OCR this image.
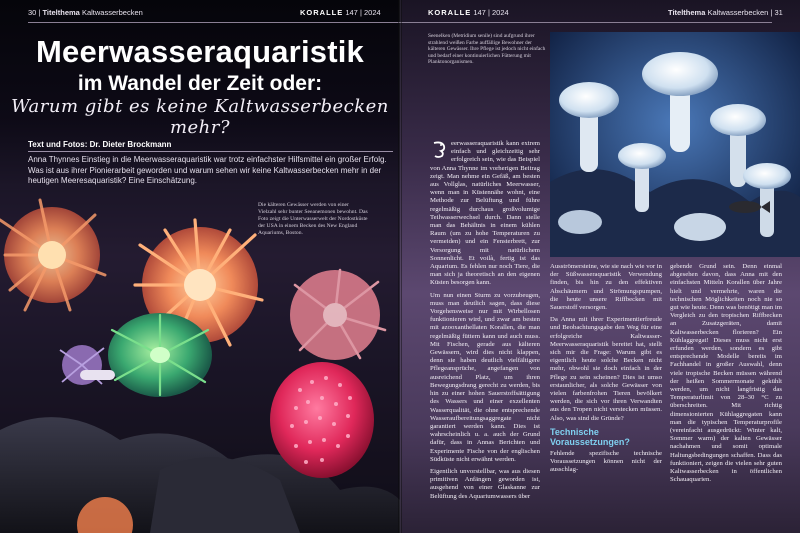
30 | Titelthema Kaltwasserbecken	KORALLE 147 | 2024
Meerwasseraquaristik
im Wandel der Zeit oder:
Warum gibt es keine Kaltwasserbecken mehr?
Text und Fotos: Dr. Dieter Brockmann
Anna Thynnes Einstieg in die Meerwasseraquaristik war trotz einfachster Hilfsmittel ein großer Erfolg. Was ist aus ihrer Pionierarbeit geworden und warum sehen wir keine Kaltwasserbecken mehr in der heutigen Meeresaquaristik? Eine Einschätzung.
Die kälteren Gewässer werden von einer Vielzahl sehr bunter Seeanemonen bewohnt. Das Foto zeigt die Unterwasserwelt der Nordostküste der USA in einem Becken des New England Aquariums, Boston.
KORALLE 147 | 2024	Titelthema Kaltwasserbecken | 31
Seenelken (Metridium senile) sind aufgrund ihrer strahlend weißen Farbe auffällige Bewohner der kälteren Gewässer. Ihre Pflege ist jedoch nicht einfach und bedarf einer kontinuierlichen Fütterung mit Planktonorganismen.

eerwasseraquaristik kann extrem einfach und gleichzeitig sehr erfolgreich sein, wie das Beispiel von Anna Thynne im vorherigen Beitrag zeigt. Man nehme ein Gefäß, am besten aus Vollglas, natürliches Meerwasser, wenn man in Küstennähe wohnt, eine Methode zur Belüftung und führe regelmäßig durchaus großvolumige Teilwasserwechsel durch. Dann stelle man das Behältnis in einem kühlen Raum (um zu hohe Temperaturen zu vermeiden) und ein Fensterbrett, zur Versorgung mit natürlichem Sonnenlicht. Et voilà, fertig ist das Aquarium. Es fehlen nur noch Tiere, die man sich ja theoretisch an den eigenen Küsten besorgen kann.

Um nun einen Sturm zu vorzubeugen, muss man deutlich sagen, dass diese Vorgehensweise nur mit Wirbellosen funktionieren wird, und zwar am besten mit azooxanthellaten Korallen, die man regelmäßig füttern kann und auch muss. Mit Fischen, gerade aus kälteren Gewässern, wird dies nicht klappen, denn sie haben deutlich vielfältigere Pflegeansprüche, angefangen von ausreichend Platz, um ihren Bewegungsdrang gerecht zu werden, bis hin zu einer hohen Sauerstoffsättigung des Wassers und einer exzellenten Wasserqualität, die ohne entsprechende Wasseraufbereitungsaggregate nicht garantiert werden kann. Dies ist wahrscheinlich u. a. auch der Grund dafür, dass in Annas Berichten und Experimente Fische von der englischen Südküste nicht erwähnt werden.

Eigentlich unvorstellbar, was aus diesen primitiven Anfängen geworden ist, ausgehend von einer Glaskanne zur Belüftung des Aquariumwassers über

Ausströmersteine, wie sie nach wie vor in der Süßwasseraquaristik Verwendung finden, bis hin zu den effektiven Abschäumern und Strömungspumpen, die heute unsere Riffbecken mit Sauerstoff versorgen.

Da Anna mit ihrer Experimentierfreude und Beobachtungsgabe den Weg für eine erfolgreiche Kaltwasser-Meerwasseraquaristik bereitet hat, stellt sich mir die Frage: Warum gibt es eigentlich heute solche Becken nicht mehr, obwohl sie doch einfach in der Pflege zu sein scheinen? Dies ist umso erstaunlicher, als solche Gewässer von vielen farbenfrohen Tieren bevölkert werden, die sich vor ihren Verwandten aus den Tropen nicht verstecken müssen. Also, was sind die Gründe?

Technische Voraussetzungen?

Fehlende spezifische technische Voraussetzungen können nicht der ausschlag-

gebende Grund sein. Denn einmal abgesehen davon, dass Anna mit den einfachsten Mitteln Korallen über Jahre hielt und vermehrte, waren die technischen Möglichkeiten noch nie so gut wie heute. Denn was benötigt man im Vergleich zu den tropischen Riffbecken an Zusatzgeräten, damit Kaltwasserbecken florieren? Ein Kühlaggregat! Dieses muss nicht erst erfunden werden, sondern es gibt entsprechende Modelle bereits im Fachhandel in großer Auswahl, denn viele tropische Becken müssen während der heißen Sommermonate gekühlt werden, um nicht langfristig das Temperaturlimit von 28–30 °C zu überschreiten. Mit richtig dimensionierten Kühlaggregaten kann man die typischen Temperaturprofile (vereinfacht ausgedrückt: Winter kalt, Sommer warm) der kalten Gewässer nachahmen und somit optimale Haltungsbedingungen schaffen. Dass das funktioniert, zeigen die vielen sehr guten Kaltwasserbecken in öffentlichen Schauaquarien.
